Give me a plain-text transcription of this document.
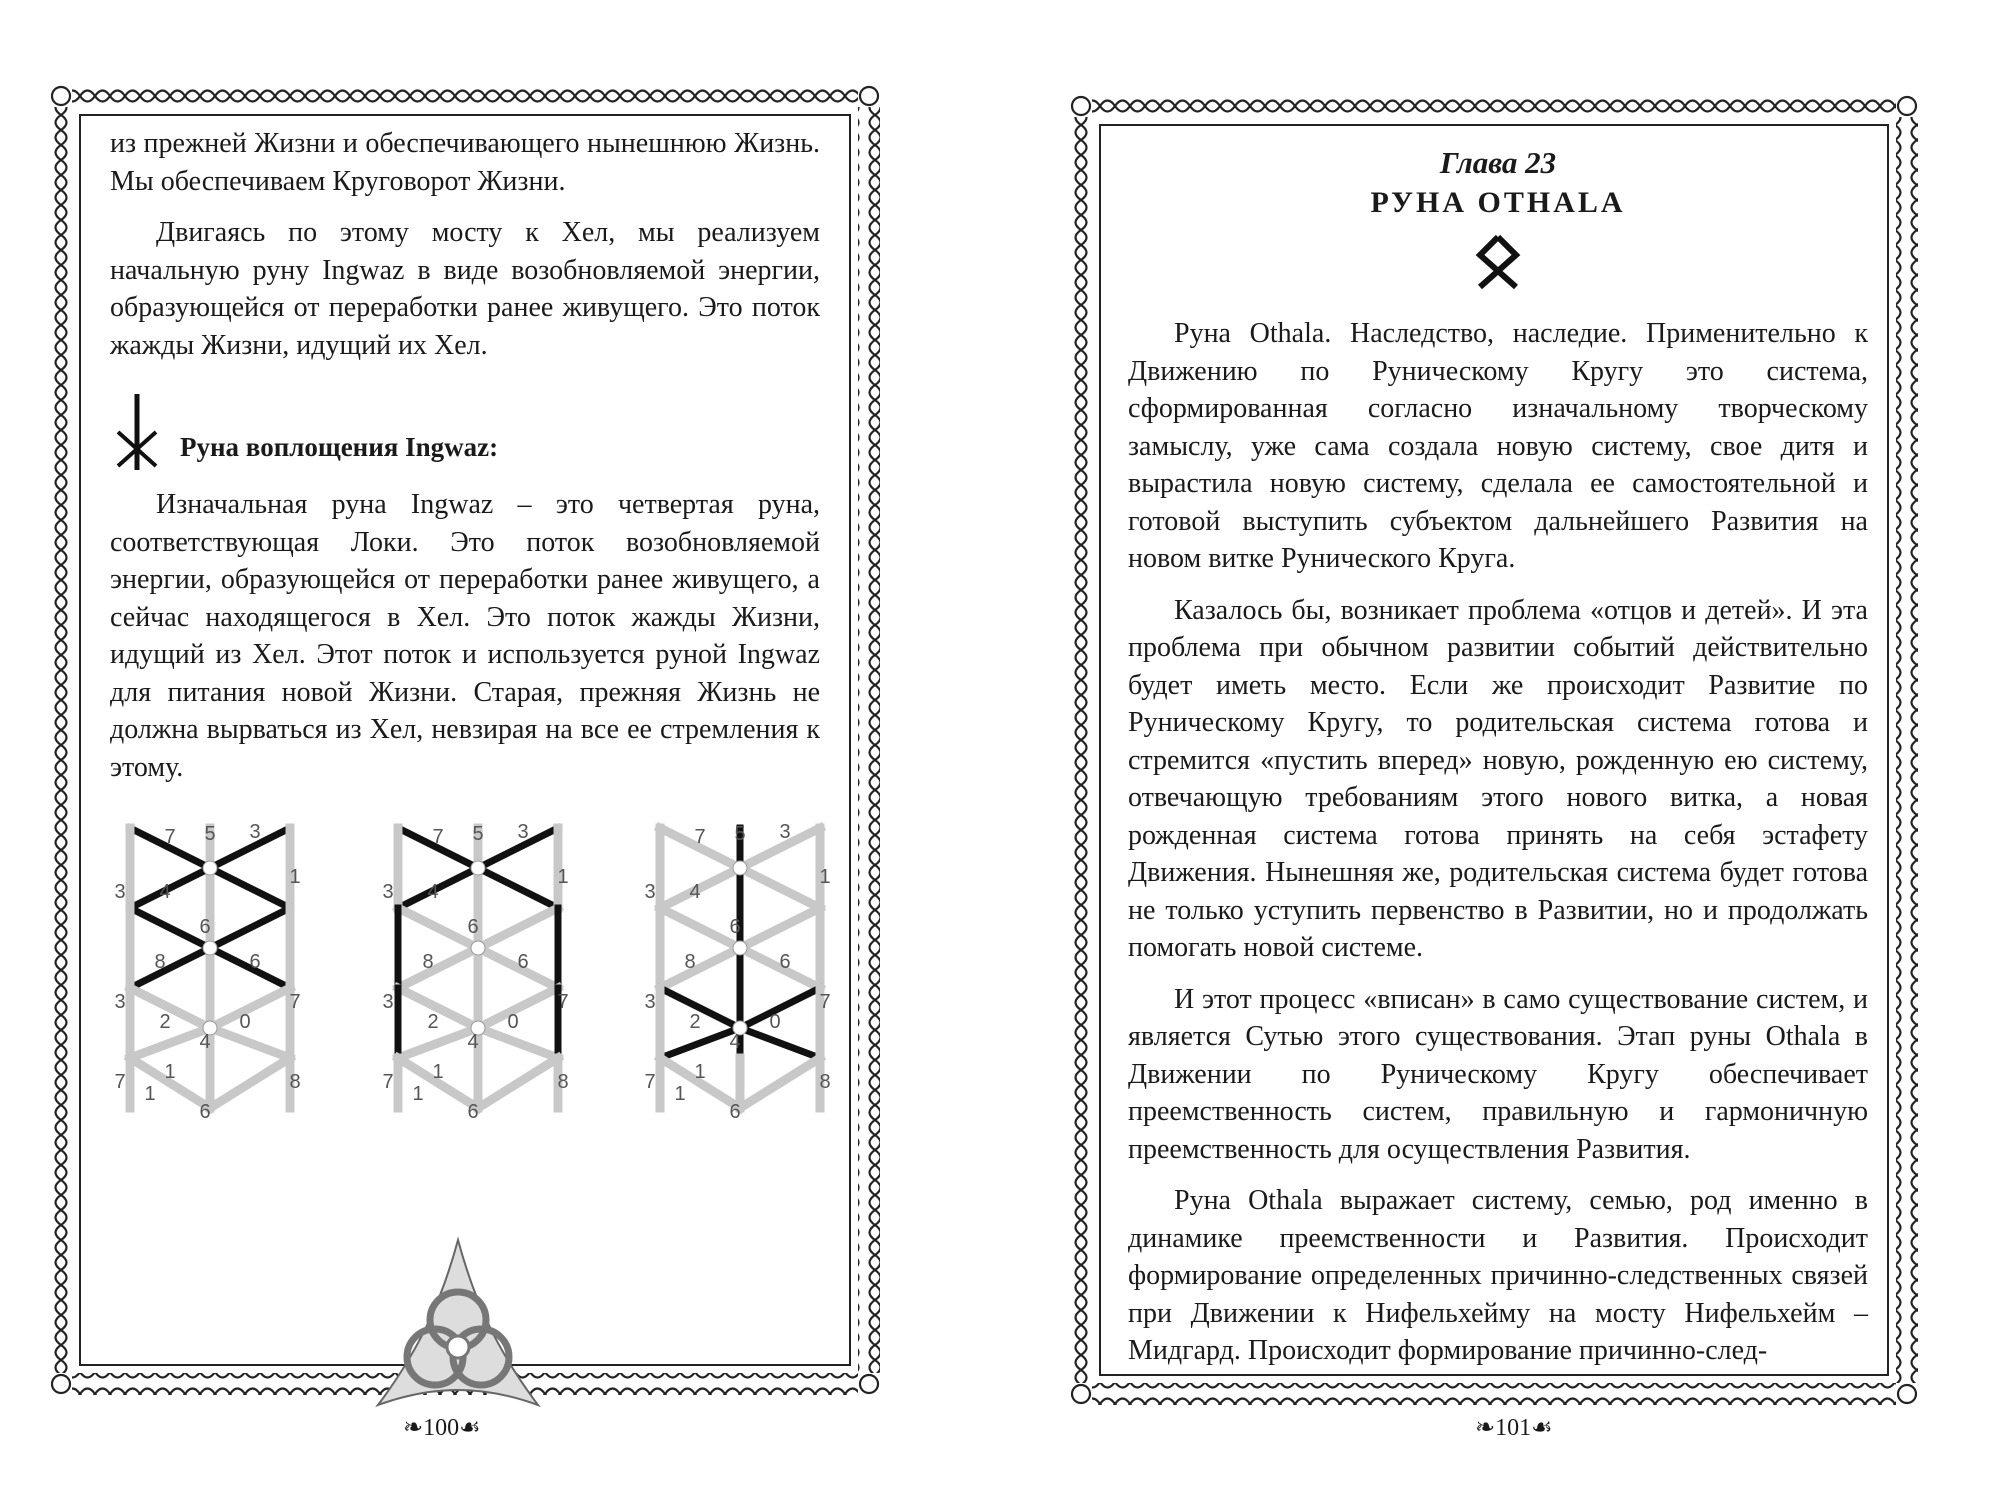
из прежней Жизни и обеспечивающего нынешнюю Жизнь. Мы обеспечиваем Круговорот Жизни.

Двигаясь по этому мосту к Хел, мы реализуем начальную руну Ingwaz в виде возобновляемой энергии, образующейся от переработки ранее живущего. Это поток жажды Жизни, идущий их Хел.

Руна воплощения Ingwaz:

Изначальная руна Ingwaz – это четвертая руна, соответствующая Локи. Это поток возобновляемой энергии, образующейся от переработки ранее живущего, а сейчас находящегося в Хел. Это поток жажды Жизни, идущий из Хел. Этот поток и используется руной Ingwaz для питания новой Жизни. Старая, прежняя Жизнь не должна вырваться из Хел, невзирая на все ее стремления к этому.

7 5 3
1
3 4
6
8	6
3	7
2	0
4
1
7
1
6
8
7 5 3
1
3 4
6
8	6
3	7
2	0
4
1
7
1
6
8
7 5 3
1
3 4
6
8	6
3	7
2	0
4
1
7
1
6
8
❧100☙

Глава 23

РУНА OTHALA

Руна Othala. Наследство, наследие. Применительно к Движению по Руническому Кругу это система, сформированная согласно изначальному творческому замыслу, уже сама создала новую систему, свое дитя и вырастила новую систему, сделала ее самостоятельной и готовой выступить субъектом дальнейшего Развития на новом витке Рунического Круга.

Казалось бы, возникает проблема «отцов и детей». И эта проблема при обычном развитии событий действительно будет иметь место. Если же происходит Развитие по Руническому Кругу, то родительская система готова и стремится «пустить вперед» новую, рожденную ею систему, отвечающую требованиям этого нового витка, а новая рожденная система готова принять на себя эстафету Движения. Нынешняя же, родительская система будет готова не только уступить первенство в Развитии, но и продолжать помогать новой системе.

И этот процесс «вписан» в само существование систем, и является Сутью этого существования. Этап руны Othala в Движении по Руническому Кругу обеспечивает преемственность систем, правильную и гармоничную преемственность для осуществления Развития.

Руна Othala выражает систему, семью, род именно в динамике преемственности и Развития. Происходит формирование определенных причинно-следственных связей при Движении к Нифельхейму на мосту Нифельхейм – Мидгард. Происходит формирование причинно-след-

❧101☙
